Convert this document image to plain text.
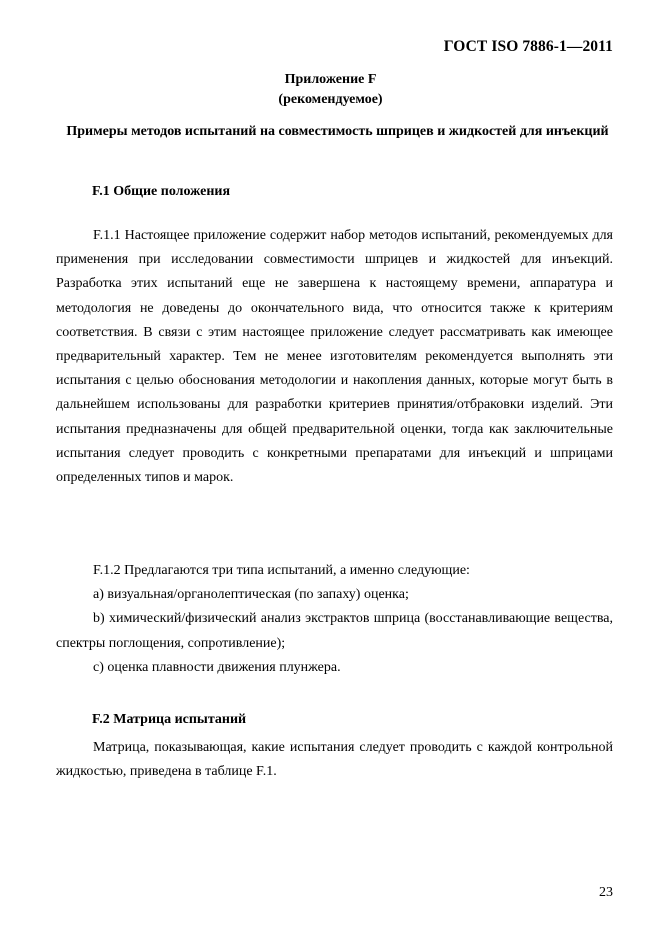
ГОСТ ISO 7886-1—2011
Приложение F
(рекомендуемое)
Примеры методов испытаний на совместимость шприцев и жидкостей для инъекций
F.1 Общие положения

F.1.1 Настоящее приложение содержит набор методов испытаний, рекомендуемых для применения при исследовании совместимости шприцев и жидкостей для инъекций. Разработка этих испытаний еще не завершена к настоящему времени, аппаратура и методология не доведены до окончательного вида, что относится также к критериям соответствия. В связи с этим настоящее приложение следует рассматривать как имеющее предварительный характер. Тем не менее изготовителям рекомендуется выполнять эти испытания с целью обоснования методологии и накопления данных, которые могут быть в дальнейшем использованы для разработки критериев принятия/отбраковки изделий. Эти испытания предназначены для общей предварительной оценки, тогда как заключительные испытания следует проводить с конкретными препаратами для инъекций и шприцами определенных типов и марок.

F.1.2 Предлагаются три типа испытаний, а именно следующие:

a) визуальная/органолептическая (по запаху) оценка;

b) химический/физический анализ экстрактов шприца (восстанавливающие вещества, спектры поглощения, сопротивление);

c) оценка плавности движения плунжера.

F.2 Матрица испытаний

Матрица, показывающая, какие испытания следует проводить с каждой контрольной жидкостью, приведена в таблице F.1.

23
